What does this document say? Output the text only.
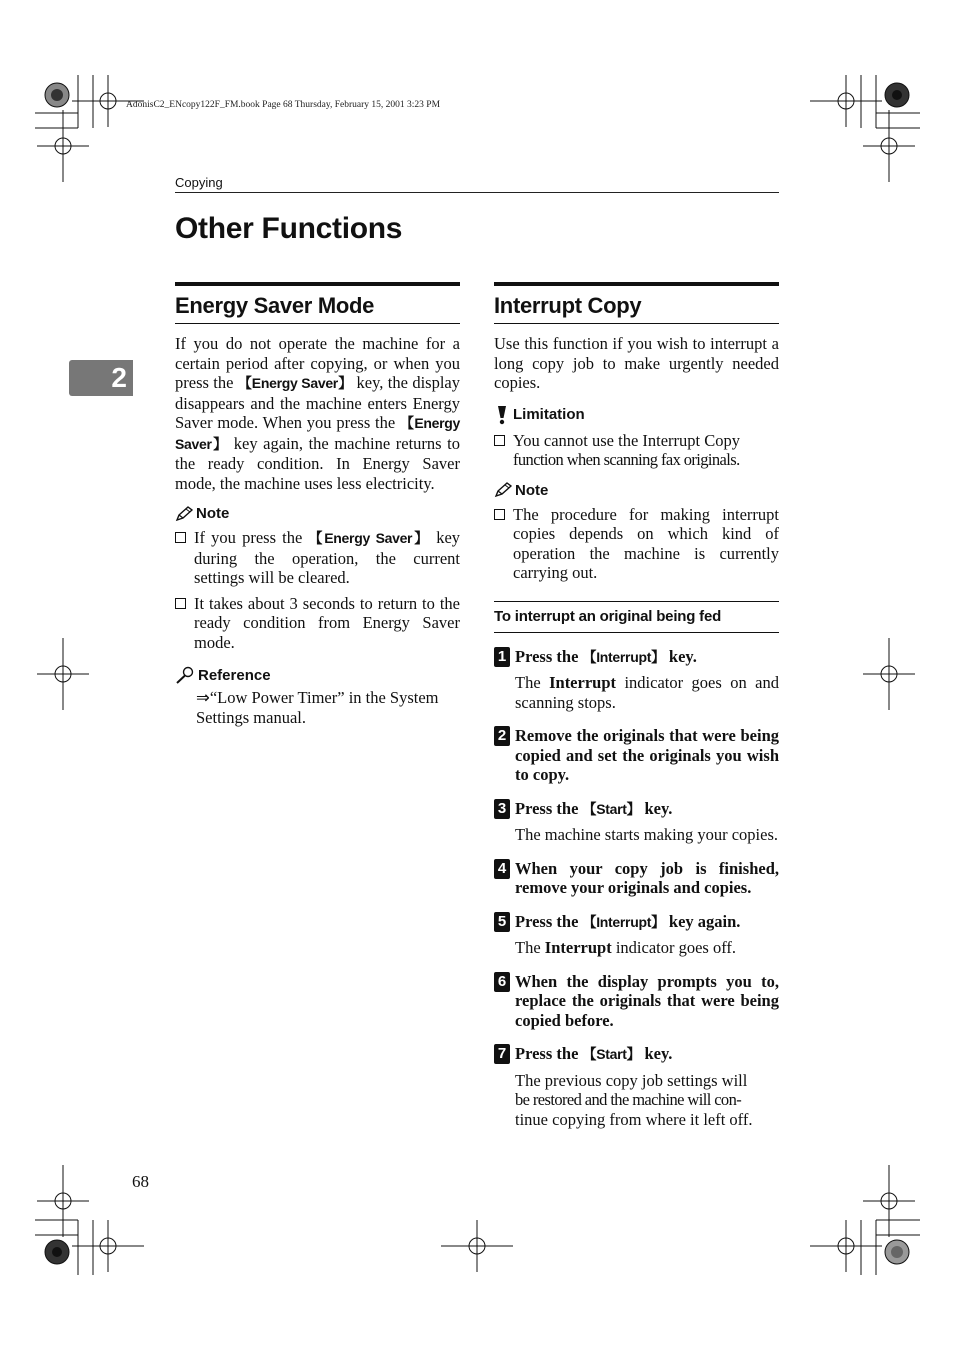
AdonisC2_ENcopy122F_FM.book Page 68 Thursday, February 15, 2001 3:23 PM
Copying
Other Functions
2
Energy Saver Mode

If you do not operate the machine for a certain period after copying, or when you press the 【Energy Saver】 key, the display disappears and the machine enters Energy Saver mode. When you press the 【Energy Saver】 key again, the machine returns to the ready condition. In Energy Saver mode, the machine uses less electricity.

Note
If you press the 【Energy Saver】 key during the operation, the current settings will be cleared.
It takes about 3 seconds to return to the ready condition from Energy Saver mode.
Reference
⇒“Low Power Timer” in the System Settings manual.
Interrupt Copy

Use this function if you wish to interrupt a long copy job to make urgently needed copies.

Limitation
You cannot use the Interrupt Copy
function when scanning fax originals.
Note
The procedure for making interrupt copies depends on which kind of operation the machine is currently carrying out.
To interrupt an original being fed
1 Press the 【Interrupt】 key.
The Interrupt indicator goes on and scanning stops.
2 Remove the originals that were being copied and set the originals you wish to copy.
3 Press the 【Start】 key.
The machine starts making your copies.
4 When your copy job is finished, remove your originals and copies.
5 Press the 【Interrupt】 key again.
The Interrupt indicator goes off.
6 When the display prompts you to, replace the originals that were being copied before.
7 Press the 【Start】 key.
The previous copy job settings will
be restored and the machine will con-
tinue copying from where it left off.
68
